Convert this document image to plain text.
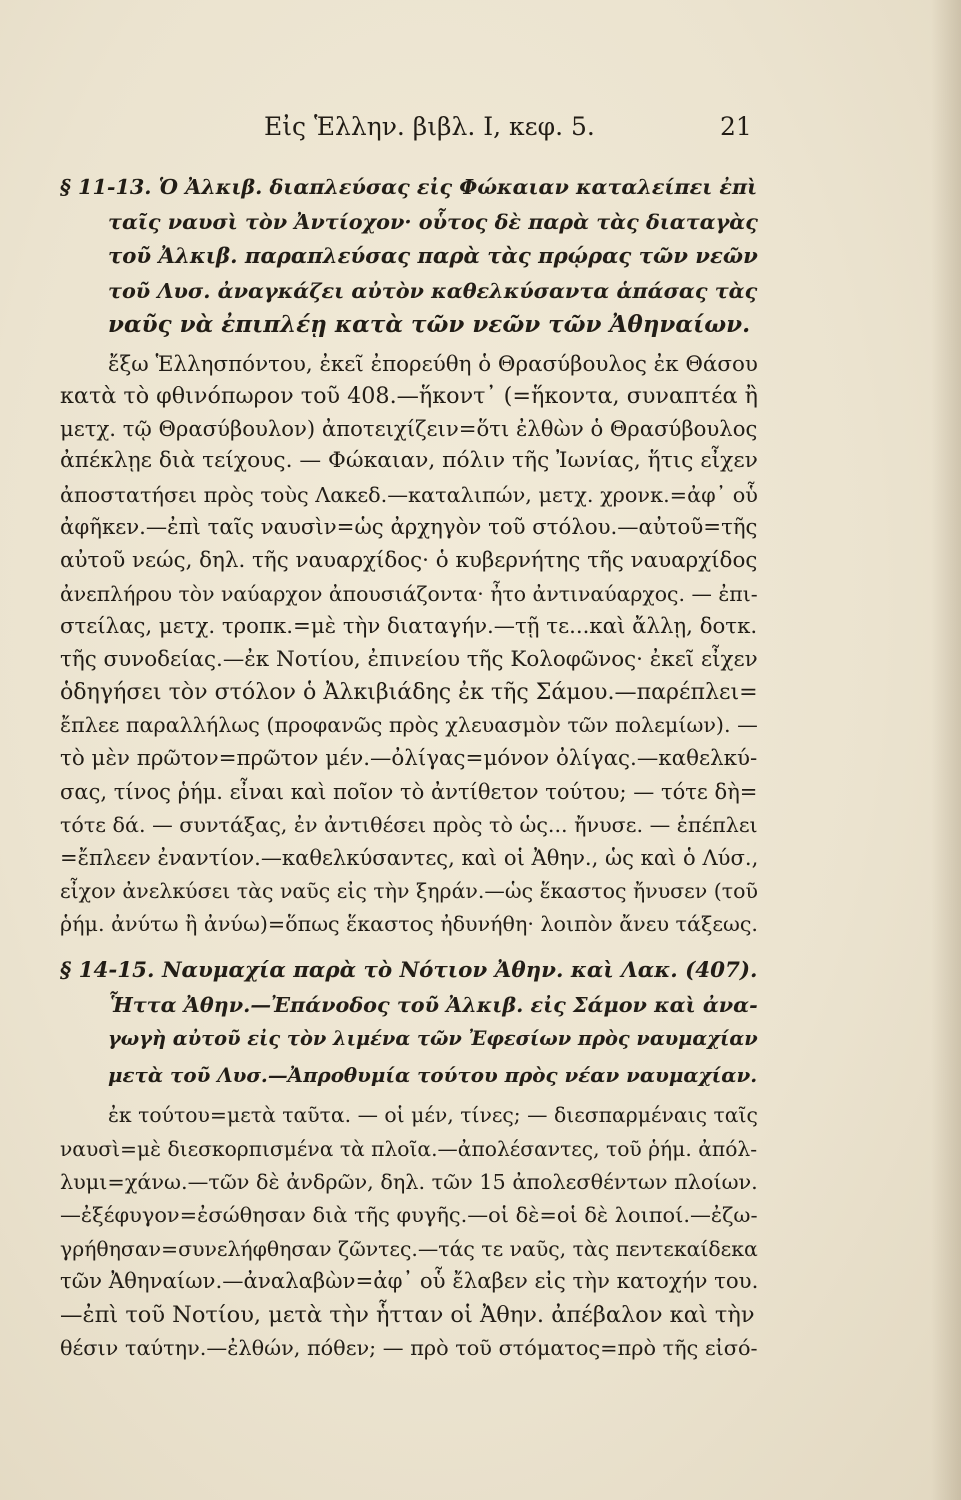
Εἰς Ἑλλην. βιβλ. I, κεφ. 5.	21
§ 11-13. Ὁ Ἀλκιβ. διαπλεύσας εἰς Φώκαιαν καταλείπει ἐπὶ
ταῖς ναυσὶ τὸν Ἀντίοχον· οὗτος δὲ παρὰ τὰς διαταγὰς
τοῦ Ἀλκιβ. παραπλεύσας παρὰ τὰς πρῴρας τῶν νεῶν
τοῦ Λυσ. ἀναγκάζει αὐτὸν καθελκύσαντα ἁπάσας τὰς
ναῦς νὰ ἐπιπλέῃ κατὰ τῶν νεῶν τῶν Ἀθηναίων.
ἔξω Ἑλλησπόντου, ἐκεῖ ἐπορεύθη ὁ Θρασύβουλος ἐκ Θάσου
κατὰ τὸ φθινόπωρον τοῦ 408.—ἥκοντ᾽ (=ἥκοντα, συναπτέα ἢ
μετχ. τῷ Θρασύβουλον) ἀποτειχίζειν=ὅτι ἐλθὼν ὁ Θρασύβουλος
ἀπέκλῃε διὰ τείχους. — Φώκαιαν, πόλιν τῆς Ἰωνίας, ἥτις εἶχεν
ἀποστατήσει πρὸς τοὺς Λακεδ.—καταλιπών, μετχ. χρονκ.=ἀφ᾽ οὗ
ἀφῆκεν.—ἐπὶ ταῖς ναυσὶν=ὡς ἀρχηγὸν τοῦ στόλου.—αὐτοῦ=τῆς
αὐτοῦ νεώς, δηλ. τῆς ναυαρχίδος· ὁ κυβερνήτης τῆς ναυαρχίδος
ἀνεπλήρου τὸν ναύαρχον ἀπουσιάζοντα· ἦτο ἀντιναύαρχος. — ἐπι-
στείλας, μετχ. τροπκ.=μὲ τὴν διαταγήν.—τῇ τε...καὶ ἄλλῃ, δοτκ.
τῆς συνοδείας.—ἐκ Νοτίου, ἐπινείου τῆς Κολοφῶνος· ἐκεῖ εἶχεν
ὁδηγήσει τὸν στόλον ὁ Ἀλκιβιάδης ἐκ τῆς Σάμου.—παρέπλει=
ἔπλεε παραλλήλως (προφανῶς πρὸς χλευασμὸν τῶν πολεμίων). —
τὸ μὲν πρῶτον=πρῶτον μέν.—ὀλίγας=μόνον ὀλίγας.—καθελκύ-
σας, τίνος ῥήμ. εἶναι καὶ ποῖον τὸ ἀντίθετον τούτου; — τότε δὴ=
τότε δά. — συντάξας, ἐν ἀντιθέσει πρὸς τὸ ὡς... ἤνυσε. — ἐπέπλει
=ἔπλεεν ἐναντίον.—καθελκύσαντες, καὶ οἱ Ἀθην., ὡς καὶ ὁ Λύσ.,
εἶχον ἀνελκύσει τὰς ναῦς εἰς τὴν ξηράν.—ὡς ἕκαστος ἤνυσεν (τοῦ
ῥήμ. ἀνύτω ἢ ἀνύω)=ὅπως ἕκαστος ἠδυνήθη· λοιπὸν ἄνευ τάξεως.
§ 14-15. Ναυμαχία παρὰ τὸ Νότιον Ἀθην. καὶ Λακ. (407).
Ἧττα Ἀθην.—Ἐπάνοδος τοῦ Ἀλκιβ. εἰς Σάμον καὶ ἀνα-
γωγὴ αὐτοῦ εἰς τὸν λιμένα τῶν Ἐφεσίων πρὸς ναυμαχίαν
μετὰ τοῦ Λυσ.—Ἀπροθυμία τούτου πρὸς νέαν ναυμαχίαν.
ἐκ τούτου=μετὰ ταῦτα. — οἱ μέν, τίνες; — διεσπαρμέναις ταῖς
ναυσὶ=μὲ διεσκορπισμένα τὰ πλοῖα.—ἀπολέσαντες, τοῦ ῥήμ. ἀπόλ-
λυμι=χάνω.—τῶν δὲ ἀνδρῶν, δηλ. τῶν 15 ἀπολεσθέντων πλοίων.
—ἐξέφυγον=ἐσώθησαν διὰ τῆς φυγῆς.—οἱ δὲ=οἱ δὲ λοιποί.—ἐζω-
γρήθησαν=συνελήφθησαν ζῶντες.—τάς τε ναῦς, τὰς πεντεκαίδεκα
τῶν Ἀθηναίων.—ἀναλαβὼν=ἀφ᾽ οὗ ἔλαβεν εἰς τὴν κατοχήν του.
—ἐπὶ τοῦ Νοτίου, μετὰ τὴν ἧτταν οἱ Ἀθην. ἀπέβαλον καὶ τὴν
θέσιν ταύτην.—ἐλθών, πόθεν; — πρὸ τοῦ στόματος=πρὸ τῆς εἰσό-
